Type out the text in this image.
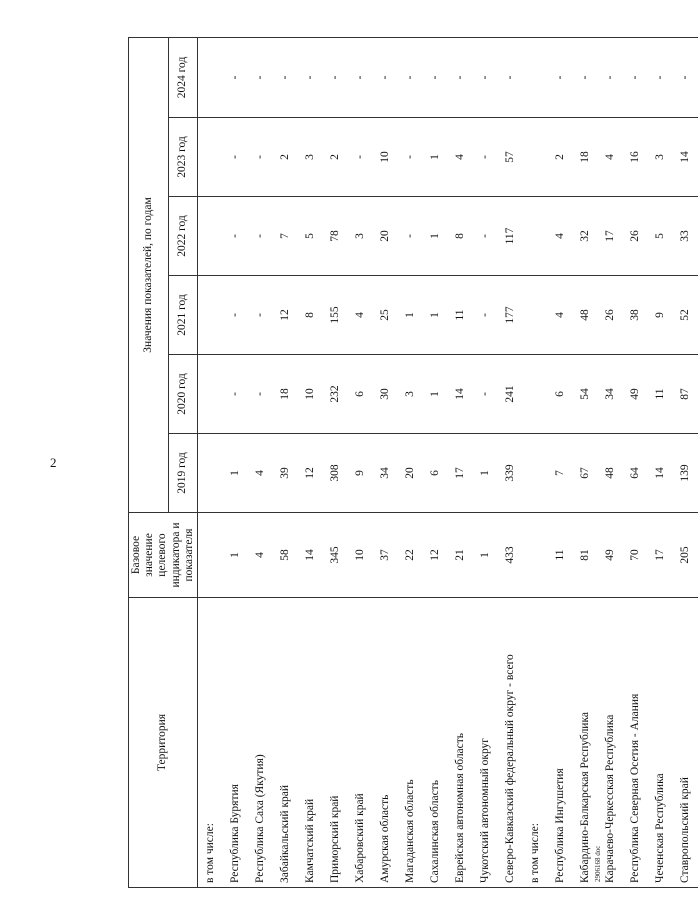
2
2906168 doc
Территория	Базовое значение целевого индикатора и показателя	Значения показателей, по годам					
		2019 год	2020 год	2021 год	2022 год	2023 год	2024 год
в том числе:							
Республика Бурятия	1	1	-	-	-	-	-
Республика Саха (Якутия)	4	4	-	-	-	-	-
Забайкальский край	58	39	18	12	7	2	-
Камчатский край	14	12	10	8	5	3	-
Приморский край	345	308	232	155	78	2	-
Хабаровский край	10	9	6	4	3	-	-
Амурская область	37	34	30	25	20	10	-
Магаданская область	22	20	3	1	-	-	-
Сахалинская область	12	6	1	1	1	1	-
Еврейская автономная область	21	17	14	11	8	4	-
Чукотский автономный округ	1	1	-	-	-	-	-
Северо-Кавказский федеральный округ - всего	433	339	241	177	117	57	-
в том числе:							
Республика Ингушетия	11	7	6	4	4	2	-
Кабардино-Балкарская Республика	81	67	54	48	32	18	-
Карачаево-Черкесская Республика	49	48	34	26	17	4	-
Республика Северная Осетия - Алания	70	64	49	38	26	16	-
Чеченская Республика	17	14	11	9	5	3	-
Ставропольский край	205	139	87	52	33	14	-
